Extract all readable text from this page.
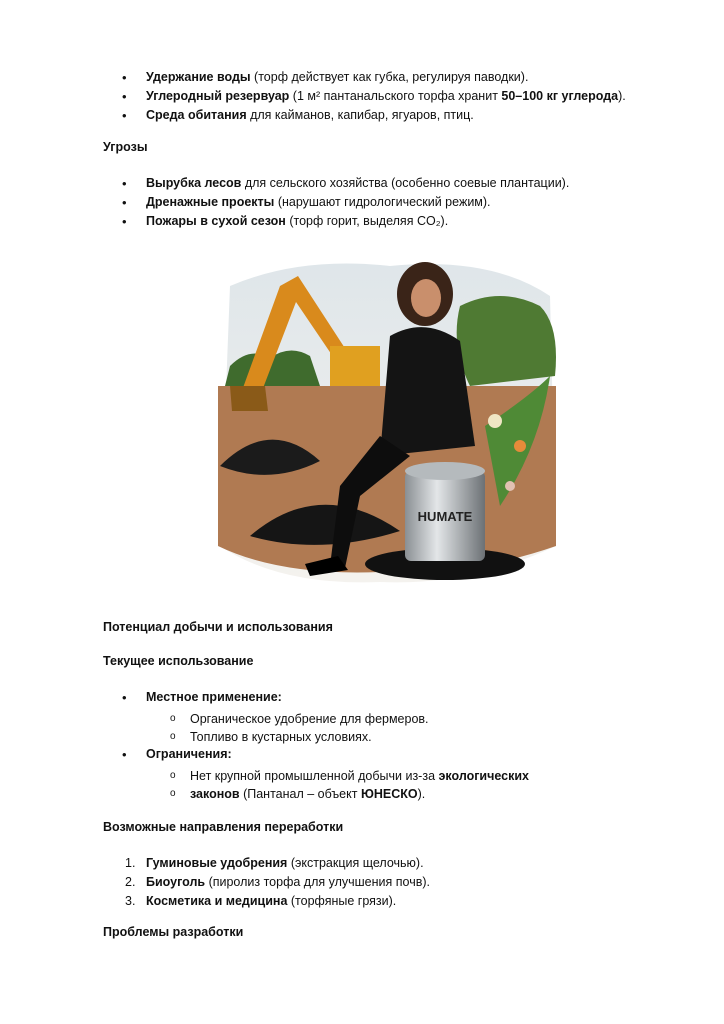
• Удержание воды (торф действует как губка, регулируя паводки).
• Углеродный резервуар (1 м² пантанальского торфа хранит 50–100 кг углерода).
• Среда обитания для кайманов, капибар, ягуаров, птиц.
Угрозы
• Вырубка лесов для сельского хозяйства (особенно соевые плантации).
• Дренажные проекты (нарушают гидрологический режим).
• Пожары в сухой сезон (торф горит, выделяя CO₂).
HUMATE
Потенциал добычи и использования
Текущее использование
• Местное применение:
o Органическое удобрение для фермеров.
o Топливо в кустарных условиях.
• Ограничения:
o Нет крупной промышленной добычи из-за экологических
o законов (Пантанал – объект ЮНЕСКО).
Возможные направления переработки
1. Гуминовые удобрения (экстракция щелочью).
2. Биоуголь (пиролиз торфа для улучшения почв).
3. Косметика и медицина (торфяные грязи).
Проблемы разработки
